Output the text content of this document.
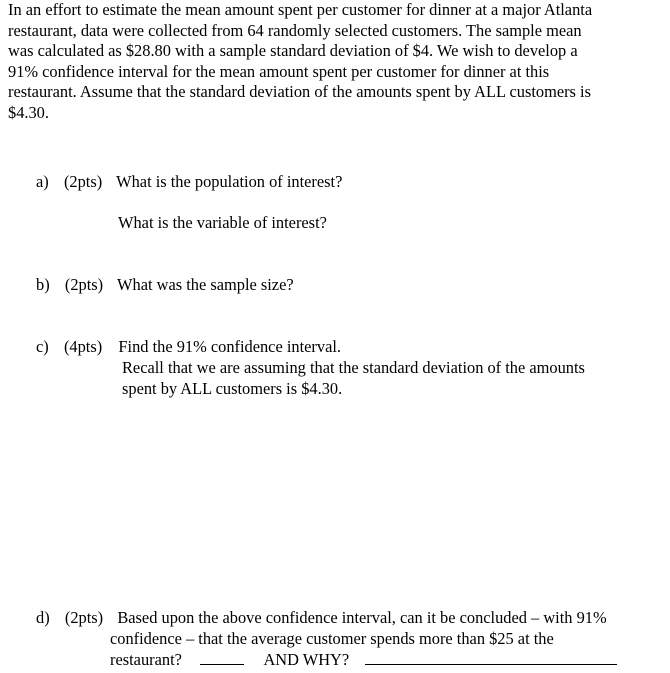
In an effort to estimate the mean amount spent per customer for dinner at a major Atlanta
restaurant, data were collected from 64 randomly selected customers. The sample mean
was calculated as $28.80 with a sample standard deviation of $4. We wish to develop a
91% confidence interval for the mean amount spent per customer for dinner at this
restaurant. Assume that the standard deviation of the amounts spent by ALL customers is
$4.30.
a) (2pts) What is the population of interest?
What is the variable of interest?
b) (2pts) What was the sample size?
c) (4pts) Find the 91% confidence interval.
Recall that we are assuming that the standard deviation of the amounts
spent by ALL customers is $4.30.
d) (2pts) Based upon the above confidence interval, can it be concluded – with 91%
confidence – that the average customer spends more than $25 at the
restaurant?	AND WHY?
